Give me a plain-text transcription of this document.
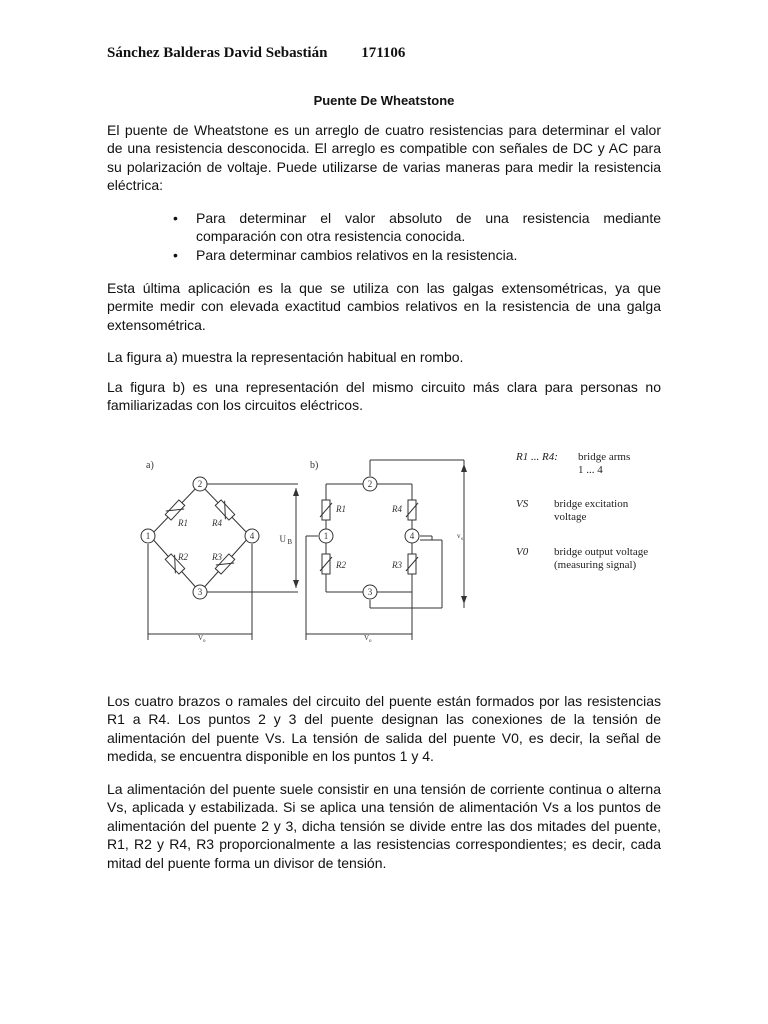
Sánchez Balderas David Sebastián 171106
Puente De Wheatstone

El puente de Wheatstone es un arreglo de cuatro resistencias para determinar el valor de una resistencia desconocida. El arreglo es compatible con señales de DC y AC para su polarización de voltaje. Puede utilizarse de varias maneras para medir la resistencia eléctrica:

• Para determinar el valor absoluto de una resistencia mediante comparación con otra resistencia conocida.
• Para determinar cambios relativos en la resistencia.

Esta última aplicación es la que se utiliza con las galgas extensométricas, ya que permite medir con elevada exactitud cambios relativos en la resistencia de una galga extensométrica.

La figura a) muestra la representación habitual en rombo.

La figura b) es una representación del mismo circuito más clara para personas no familiarizadas con los circuitos eléctricos.

a)
R1	R4
R2	R3
2
1	4
3
U B
V o
b)
R1	R4
R2	R3
2
1	4
3
v s
V o
R1 ... R4: bridge arms
1 ... 4
VS bridge excitation
voltage
V0 bridge output voltage
(measuring signal)

Los cuatro brazos o ramales del circuito del puente están formados por las resistencias R1 a R4. Los puntos 2 y 3 del puente designan las conexiones de la tensión de alimentación del puente Vs. La tensión de salida del puente V0, es decir, la señal de medida, se encuentra disponible en los puntos 1 y 4.

La alimentación del puente suele consistir en una tensión de corriente continua o alterna Vs, aplicada y estabilizada. Si se aplica una tensión de alimentación Vs a los puntos de alimentación del puente 2 y 3, dicha tensión se divide entre las dos mitades del puente, R1, R2 y R4, R3 proporcionalmente a las resistencias correspondientes; es decir, cada mitad del puente forma un divisor de tensión.
